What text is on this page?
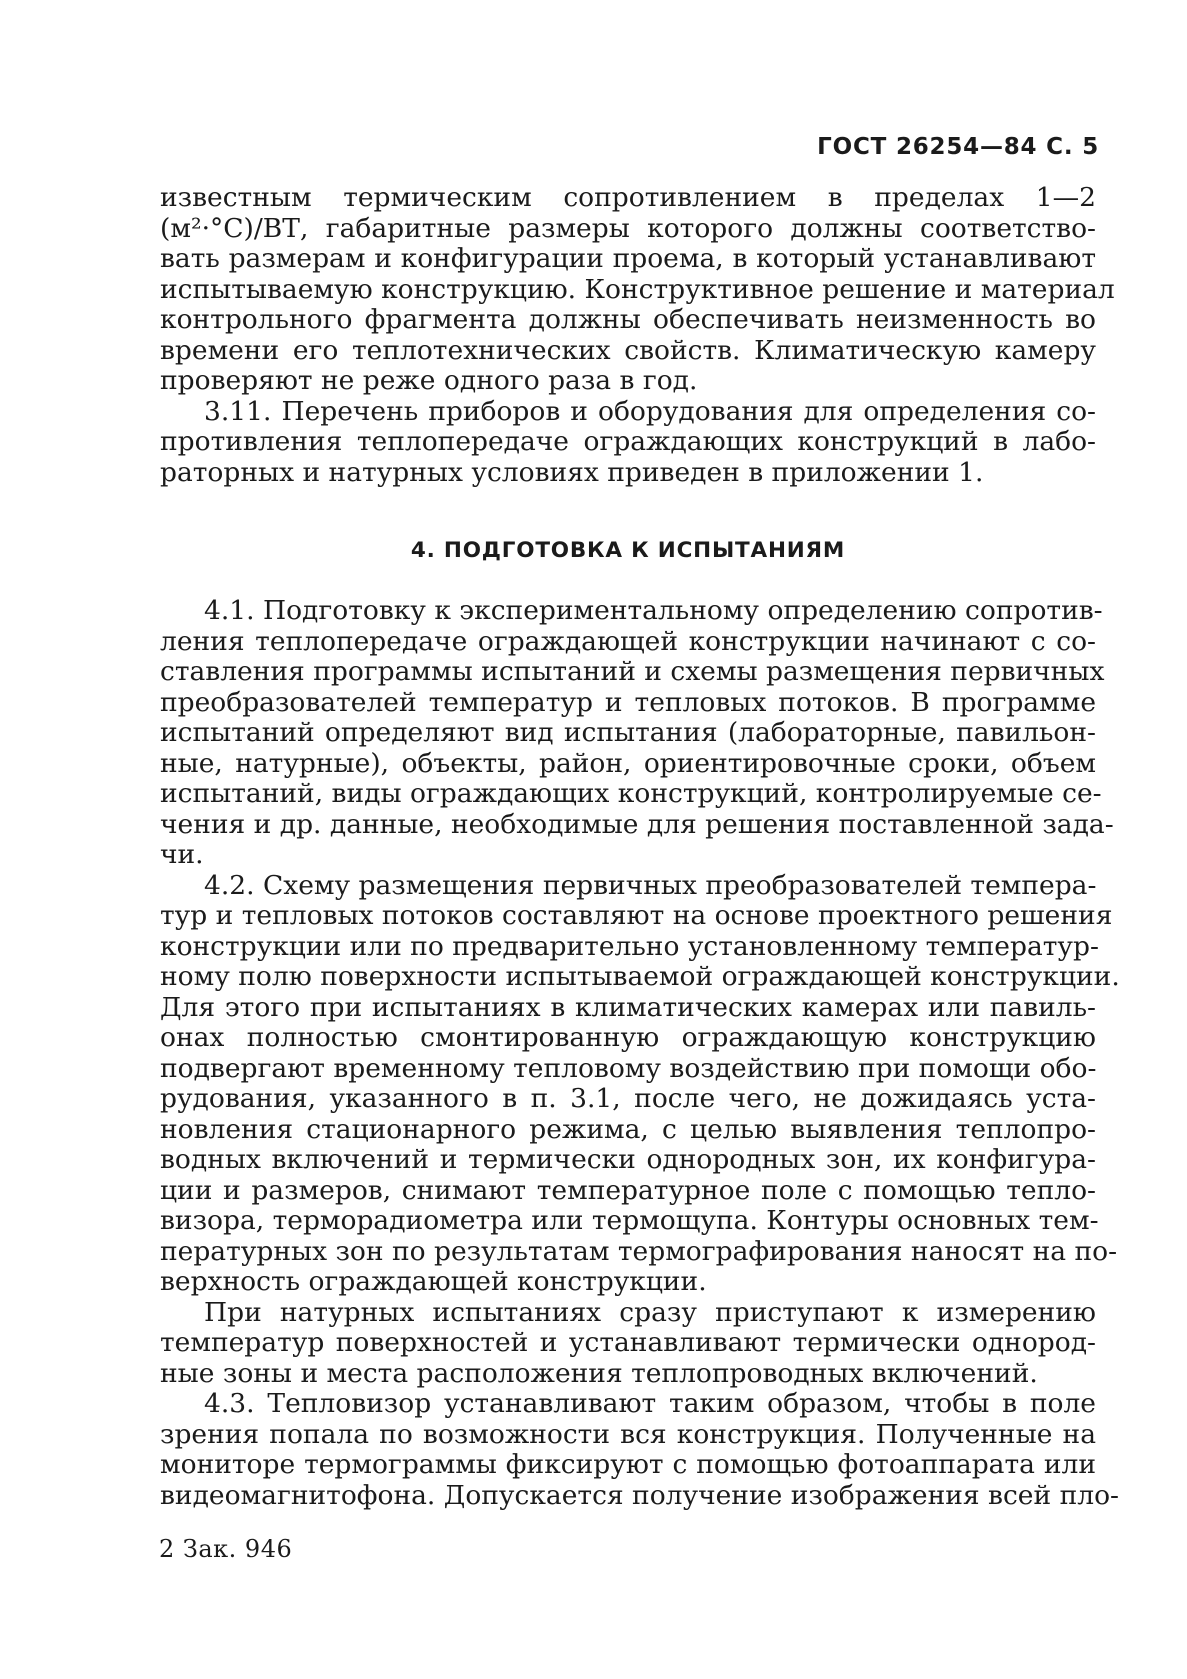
ГОСТ 26254—84 С. 5
известным термическим сопротивлением в пределах 1—2
(м²·°С)/ВТ, габаритные размеры которого должны соответство-
вать размерам и конфигурации проема, в который устанавливают
испытываемую конструкцию. Конструктивное решение и материал
контрольного фрагмента должны обеспечивать неизменность во
времени его теплотехнических свойств. Климатическую камеру
проверяют не реже одного раза в год.
3.11. Перечень приборов и оборудования для определения со-
противления теплопередаче ограждающих конструкций в лабо-
раторных и натурных условиях приведен в приложении 1.
4. ПОДГОТОВКА К ИСПЫТАНИЯМ
4.1. Подготовку к экспериментальному определению сопротив-
ления теплопередаче ограждающей конструкции начинают с со-
ставления программы испытаний и схемы размещения первичных
преобразователей температур и тепловых потоков. В программе
испытаний определяют вид испытания (лабораторные, павильон-
ные, натурные), объекты, район, ориентировочные сроки, объем
испытаний, виды ограждающих конструкций, контролируемые се-
чения и др. данные, необходимые для решения поставленной зада-
чи.
4.2. Схему размещения первичных преобразователей темпера-
тур и тепловых потоков составляют на основе проектного решения
конструкции или по предварительно установленному температур-
ному полю поверхности испытываемой ограждающей конструкции.
Для этого при испытаниях в климатических камерах или павиль-
онах полностью смонтированную ограждающую конструкцию
подвергают временному тепловому воздействию при помощи обо-
рудования, указанного в п. 3.1, после чего, не дожидаясь уста-
новления стационарного режима, с целью выявления теплопро-
водных включений и термически однородных зон, их конфигура-
ции и размеров, снимают температурное поле с помощью тепло-
визора, терморадиометра или термощупа. Контуры основных тем-
пературных зон по результатам термографирования наносят на по-
верхность ограждающей конструкции.
При натурных испытаниях сразу приступают к измерению
температур поверхностей и устанавливают термически однород-
ные зоны и места расположения теплопроводных включений.
4.3. Тепловизор устанавливают таким образом, чтобы в поле
зрения попала по возможности вся конструкция. Полученные на
мониторе термограммы фиксируют с помощью фотоаппарата или
видеомагнитофона. Допускается получение изображения всей пло-
2 Зак. 946
